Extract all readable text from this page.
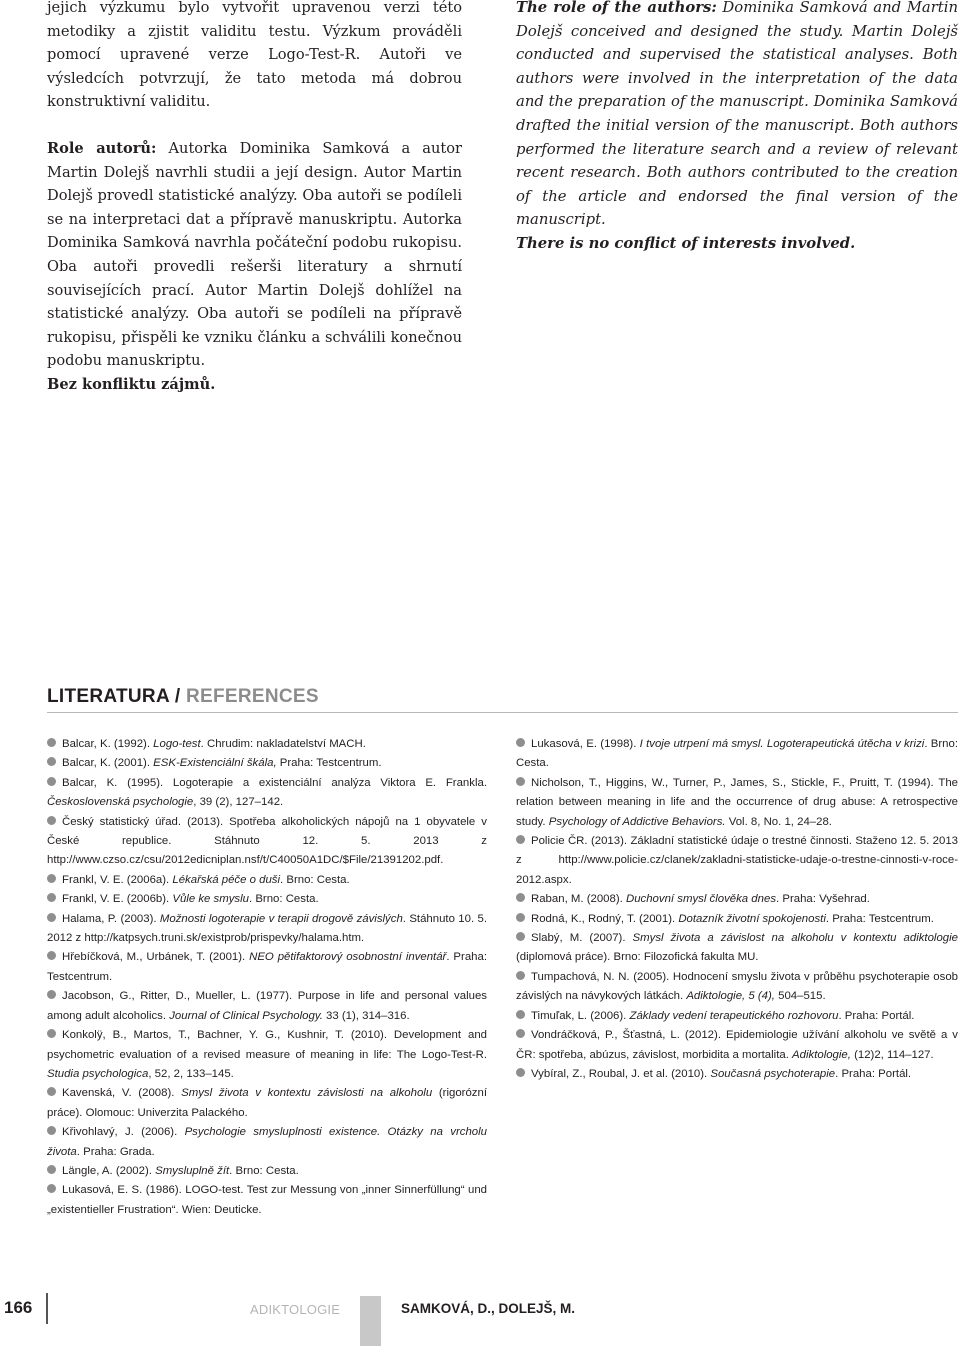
jejich výzkumu bylo vytvořit upravenou verzi této metodiky a zjistit validitu testu. Výzkum prováděli pomocí upravené verze Logo-Test-R. Autoři ve výsledcích potvrzují, že tato metoda má dobrou konstruktivní validitu.

Role autorů: Autorka Dominika Samková a autor Martin Dolejš navrhli studii a její design. Autor Martin Dolejš provedl statistické analýzy. Oba autoři se podíleli se na interpretaci dat a přípravě manuskriptu. Autorka Dominika Samková navrhla počáteční podobu rukopisu. Oba autoři provedli rešerši literatury a shrnutí souvisejících prací. Autor Martin Dolejš dohlížel na statistické analýzy. Oba autoři se podíleli na přípravě rukopisu, přispěli ke vzniku článku a schválili konečnou podobu manuskriptu.

Bez konfliktu zájmů.

The role of the authors: Dominika Samková and Martin Dolejš conceived and designed the study. Martin Dolejš conducted and supervised the statistical analyses. Both authors were involved in the interpretation of the data and the preparation of the manuscript. Dominika Samková drafted the initial version of the manuscript. Both authors performed the literature search and a review of relevant recent research. Both authors contributed to the creation of the article and endorsed the final version of the manuscript.

There is no conflict of interests involved.

LITERATURA / REFERENCES
Balcar, K. (1992). Logo-test. Chrudim: nakladatelství MACH.
Balcar, K. (2001). ESK-Existenciální škála, Praha: Testcentrum.
Balcar, K. (1995). Logoterapie a existenciální analýza Viktora E. Frankla. Československá psychologie, 39 (2), 127–142.
Český statistický úřad. (2013). Spotřeba alkoholických nápojů na 1 obyvatele v České republice. Stáhnuto 12. 5. 2013 z http://www.czso.cz/csu/2012edicniplan.nsf/t/C40050A1DC/$File/21391202.pdf.
Frankl, V. E. (2006a). Lékařská péče o duši. Brno: Cesta.
Frankl, V. E. (2006b). Vůle ke smyslu. Brno: Cesta.
Halama, P. (2003). Možnosti logoterapie v terapii drogově závislých. Stáhnuto 10. 5. 2012 z http://katpsych.truni.sk/existprob/prispevky/halama.htm.
Hřebíčková, M., Urbánek, T. (2001). NEO pětifaktorový osobnostní inventář. Praha: Testcentrum.
Jacobson, G., Ritter, D., Mueller, L. (1977). Purpose in life and personal values among adult alcoholics. Journal of Clinical Psychology. 33 (1), 314–316.
Konkolÿ, B., Martos, T., Bachner, Y. G., Kushnir, T. (2010). Development and psychometric evaluation of a revised measure of meaning in life: The Logo-Test-R. Studia psychologica, 52, 2, 133–145.
Kavenská, V. (2008). Smysl života v kontextu závislosti na alkoholu (rigorózní práce). Olomouc: Univerzita Palackého.
Křivohlavý, J. (2006). Psychologie smysluplnosti existence. Otázky na vrcholu života. Praha: Grada.
Längle, A. (2002). Smysluplně žít. Brno: Cesta.
Lukasová, E. S. (1986). LOGO-test. Test zur Messung von „inner Sinnerfüllung“ und „existentieller Frustration“. Wien: Deuticke.
Lukasová, E. (1998). I tvoje utrpení má smysl. Logoterapeutická útěcha v krizi. Brno: Cesta.
Nicholson, T., Higgins, W., Turner, P., James, S., Stickle, F., Pruitt, T. (1994). The relation between meaning in life and the occurrence of drug abuse: A retrospective study. Psychology of Addictive Behaviors. Vol. 8, No. 1, 24–28.
Policie ČR. (2013). Základní statistické údaje o trestné činnosti. Staženo 12. 5. 2013 z http://www.policie.cz/clanek/zakladni-statisticke-udaje-o-trestne-cinnosti-v-roce-2012.aspx.
Raban, M. (2008). Duchovní smysl člověka dnes. Praha: Vyšehrad.
Rodná, K., Rodný, T. (2001). Dotazník životní spokojenosti. Praha: Testcentrum.
Slabý, M. (2007). Smysl života a závislost na alkoholu v kontextu adiktologie (diplomová práce). Brno: Filozofická fakulta MU.
Tumpachová, N. N. (2005). Hodnocení smyslu života v průběhu psychoterapie osob závislých na návykových látkách. Adiktologie, 5 (4), 504–515.
Timuľak, L. (2006). Základy vedení terapeutického rozhovoru. Praha: Portál.
Vondráčková, P., Šťastná, L. (2012). Epidemiologie užívání alkoholu ve světě a v ČR: spotřeba, abúzus, závislost, morbidita a mortalita. Adiktologie, (12)2, 114–127.
Vybíral, Z., Roubal, J. et al. (2010). Současná psychoterapie. Praha: Portál.
166	ADIKTOLOGIE	SAMKOVÁ, D., DOLEJŠ, M.
